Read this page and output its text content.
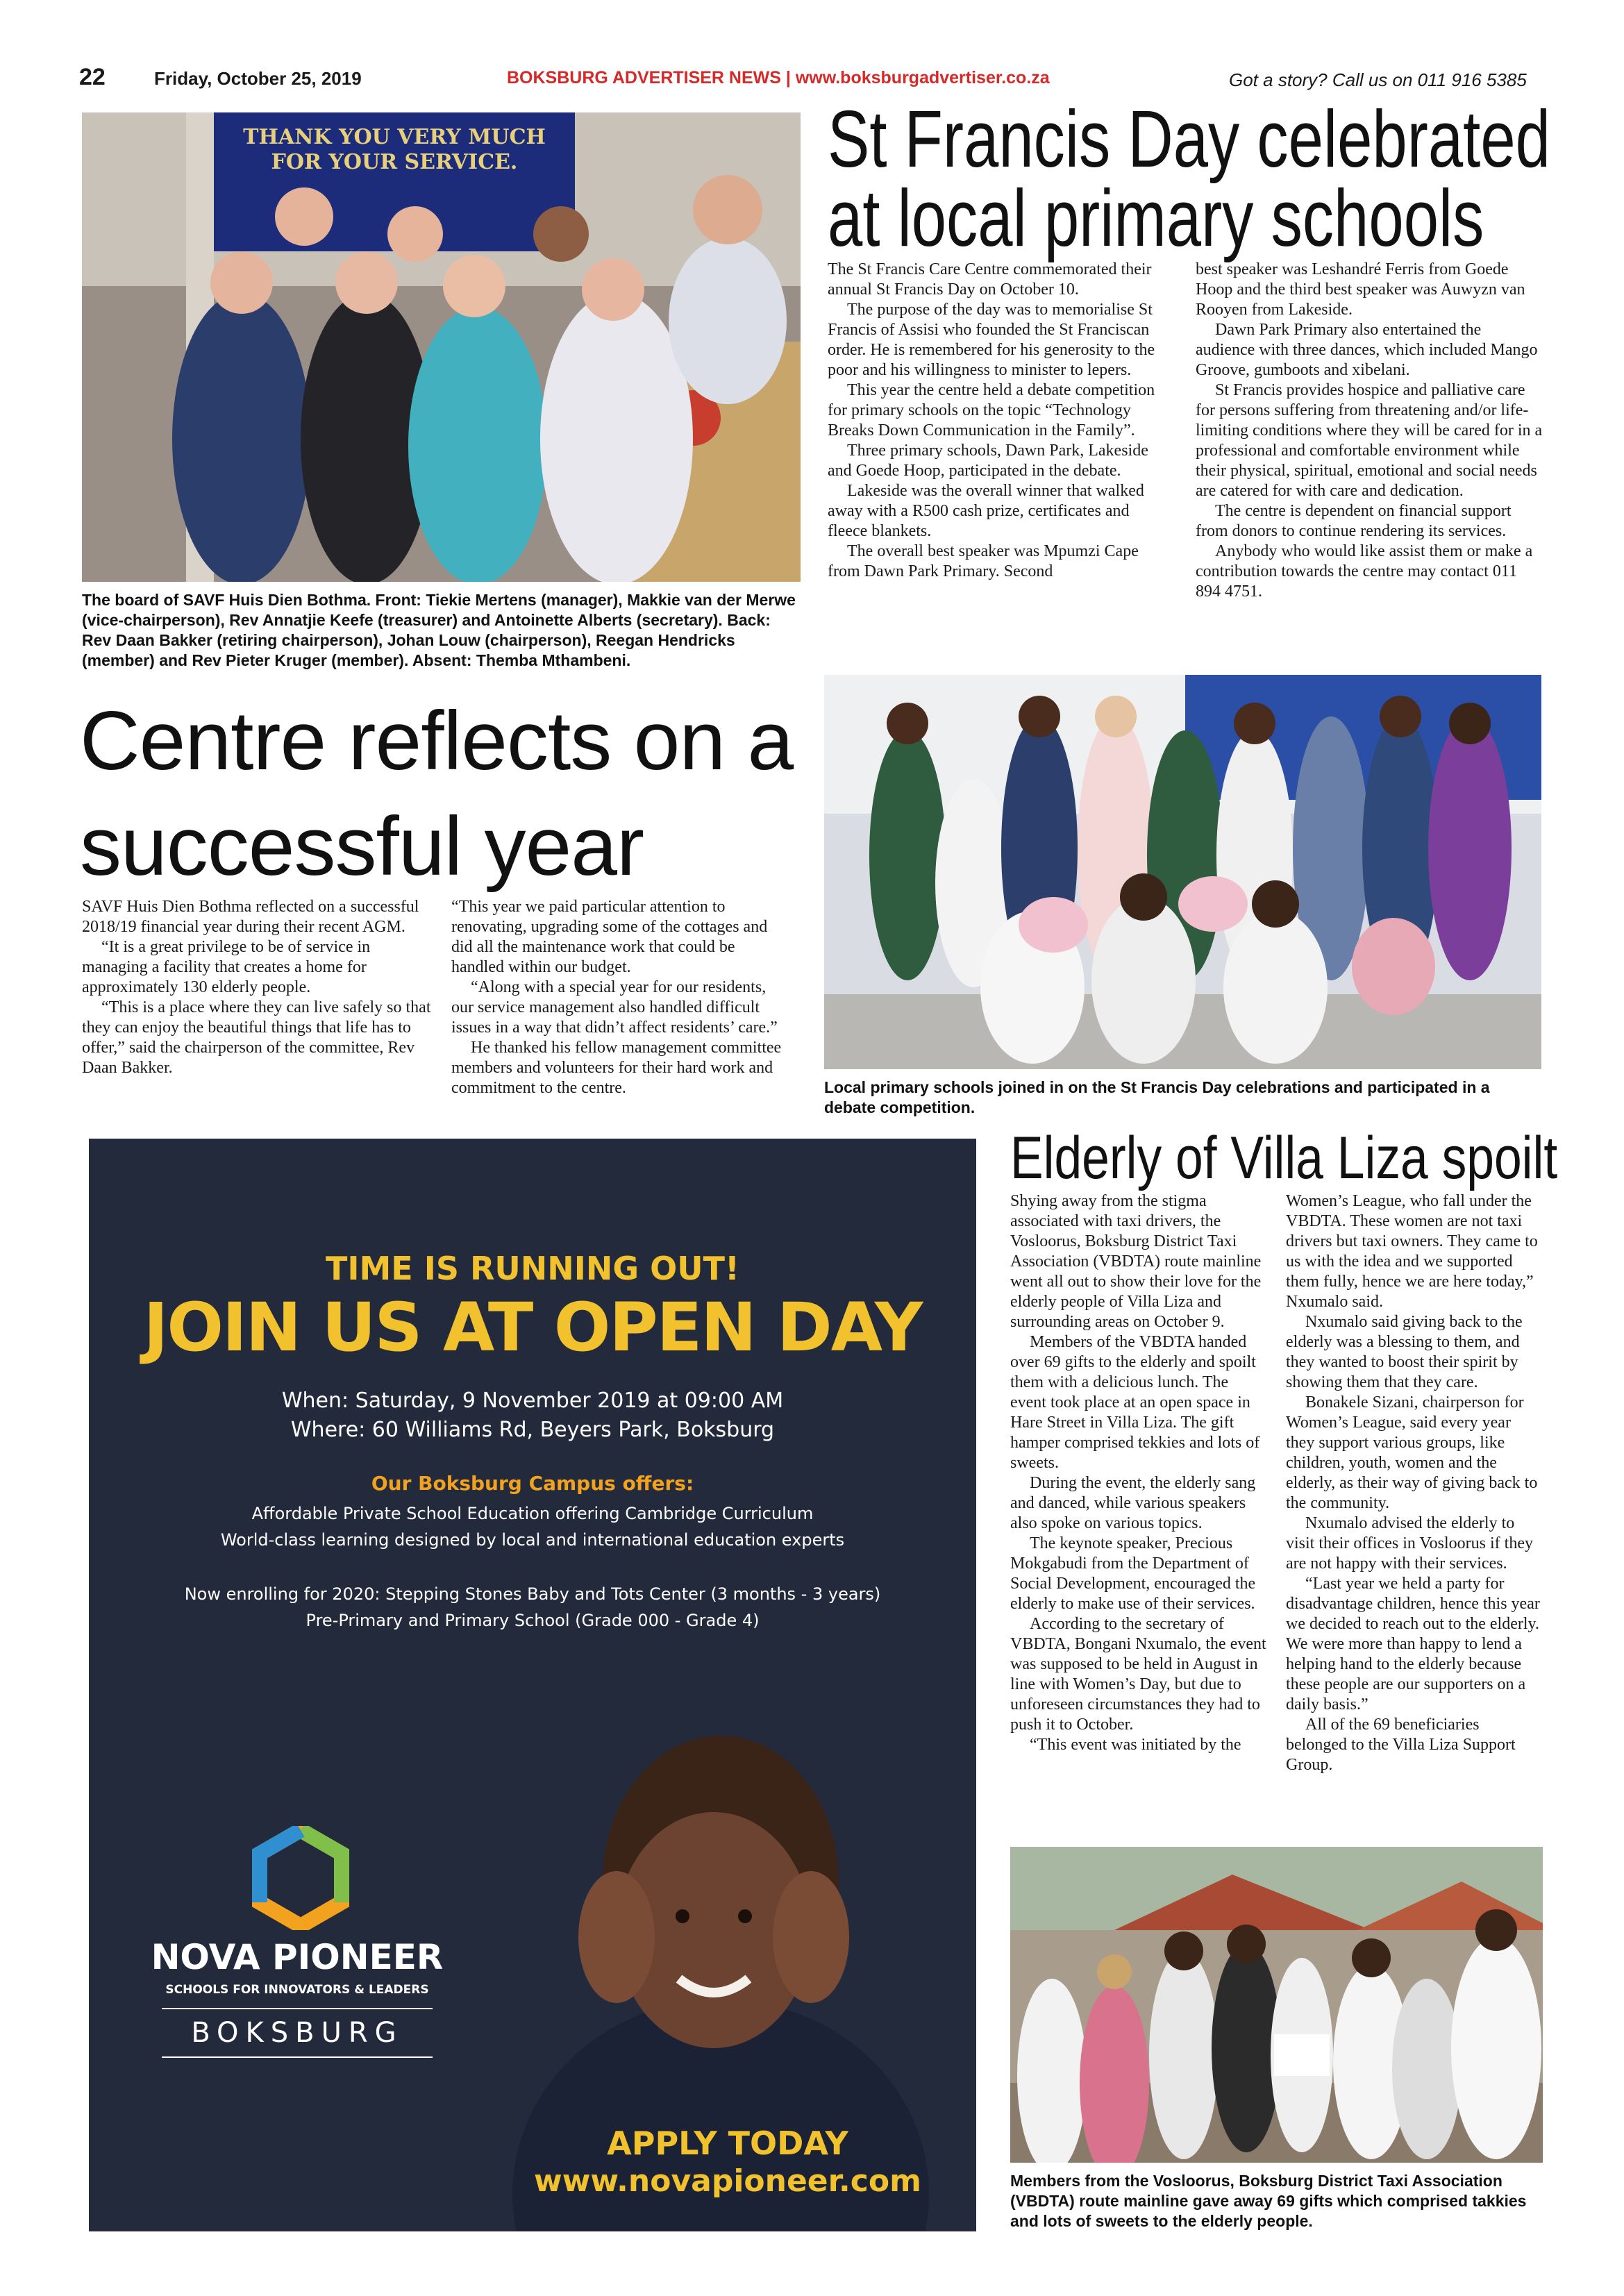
22	Friday, October 25, 2019	BOKSBURG ADVERTISER NEWS | www.boksburgadvertiser.co.za	Got a story? Call us on 011 916 5385
THANK YOU VERY MUCH FOR YOUR SERVICE.
The board of SAVF Huis Dien Bothma. Front: Tiekie Mertens (manager), Makkie van der Merwe (vice-chairperson), Rev Annatjie Keefe (treasurer) and Antoinette Alberts (secretary). Back: Rev Daan Bakker (retiring chairperson), Johan Louw (chairperson), Reegan Hendricks (member) and Rev Pieter Kruger (member). Absent: Themba Mthambeni.
Centre reflects on a
successful year

SAVF Huis Dien Bothma reflected on a successful 2018/19 financial year during their recent AGM.

“It is a great privilege to be of service in managing a facility that creates a home for approximately 130 elderly people.

“This is a place where they can live safely so that they can enjoy the beautiful things that life has to offer,” said the chairperson of the committee, Rev Daan Bakker.

“This year we paid particular attention to renovating, upgrading some of the cottages and did all the maintenance work that could be handled within our budget.

“Along with a special year for our residents, our service management also handled difficult issues in a way that didn’t affect residents’ care.”

He thanked his fellow management committee members and volunteers for their hard work and commitment to the centre.

St Francis Day celebrated
at local primary schools

The St Francis Care Centre commemorated their annual St Francis Day on October 10.

The purpose of the day was to memorialise St Francis of Assisi who founded the St Franciscan order. He is remembered for his generosity to the poor and his willingness to minister to lepers.

This year the centre held a debate competition for primary schools on the topic “Technology Breaks Down Communication in the Family”.

Three primary schools, Dawn Park, Lakeside and Goede Hoop, participated in the debate.

Lakeside was the overall winner that walked away with a R500 cash prize, certificates and fleece blankets.

The overall best speaker was Mpumzi Cape from Dawn Park Primary. Second

best speaker was Leshandré Ferris from Goede Hoop and the third best speaker was Auwyzn van Rooyen from Lakeside.

Dawn Park Primary also entertained the audience with three dances, which included Mango Groove, gumboots and xibelani.

St Francis provides hospice and palliative care for persons suffering from threatening and/or life-limiting conditions where they will be cared for in a professional and comfortable environment while their physical, spiritual, emotional and social needs are catered for with care and dedication.

The centre is dependent on financial support from donors to continue rendering its services.

Anybody who would like assist them or make a contribution towards the centre may contact 011 894 4751.

Local primary schools joined in on the St Francis Day celebrations and participated in a debate competition.
Elderly of Villa Liza spoilt

Shying away from the stigma associated with taxi drivers, the Vosloorus, Boksburg District Taxi Association (VBDTA) route mainline went all out to show their love for the elderly people of Villa Liza and surrounding areas on October 9.

Members of the VBDTA handed over 69 gifts to the elderly and spoilt them with a delicious lunch. The event took place at an open space in Hare Street in Villa Liza. The gift hamper comprised tekkies and lots of sweets.

During the event, the elderly sang and danced, while various speakers also spoke on various topics.

The keynote speaker, Precious Mokgabudi from the Department of Social Development, encouraged the elderly to make use of their services.

According to the secretary of VBDTA, Bongani Nxumalo, the event was supposed to be held in August in line with Women’s Day, but due to unforeseen circumstances they had to push it to October.

“This event was initiated by the

Women’s League, who fall under the VBDTA. These women are not taxi drivers but taxi owners. They came to us with the idea and we supported them fully, hence we are here today,” Nxumalo said.

Nxumalo said giving back to the elderly was a blessing to them, and they wanted to boost their spirit by showing them that they care.

Bonakele Sizani, chairperson for Women’s League, said every year they support various groups, like children, youth, women and the elderly, as their way of giving back to the community.

Nxumalo advised the elderly to visit their offices in Vosloorus if they are not happy with their services.

“Last year we held a party for disadvantage children, hence this year we decided to reach out to the elderly. We were more than happy to lend a helping hand to the elderly because these people are our supporters on a daily basis.”

All of the 69 beneficiaries belonged to the Villa Liza Support Group.

Members from the Vosloorus, Boksburg District Taxi Association (VBDTA) route mainline gave away 69 gifts which comprised takkies and lots of sweets to the elderly people.
TIME IS RUNNING OUT!
JOIN US AT OPEN DAY
When: Saturday, 9 November 2019 at 09:00 AM
Where: 60 Williams Rd, Beyers Park, Boksburg
Our Boksburg Campus offers:
Affordable Private School Education offering Cambridge Curriculum
World-class learning designed by local and international education experts
Now enrolling for 2020: Stepping Stones Baby and Tots Center (3 months - 3 years)
Pre-Primary and Primary School (Grade 000 - Grade 4)
NOVA PIONEER
SCHOOLS FOR INNOVATORS & LEADERS
BOKSBURG
APPLY TODAY
www.novapioneer.com
